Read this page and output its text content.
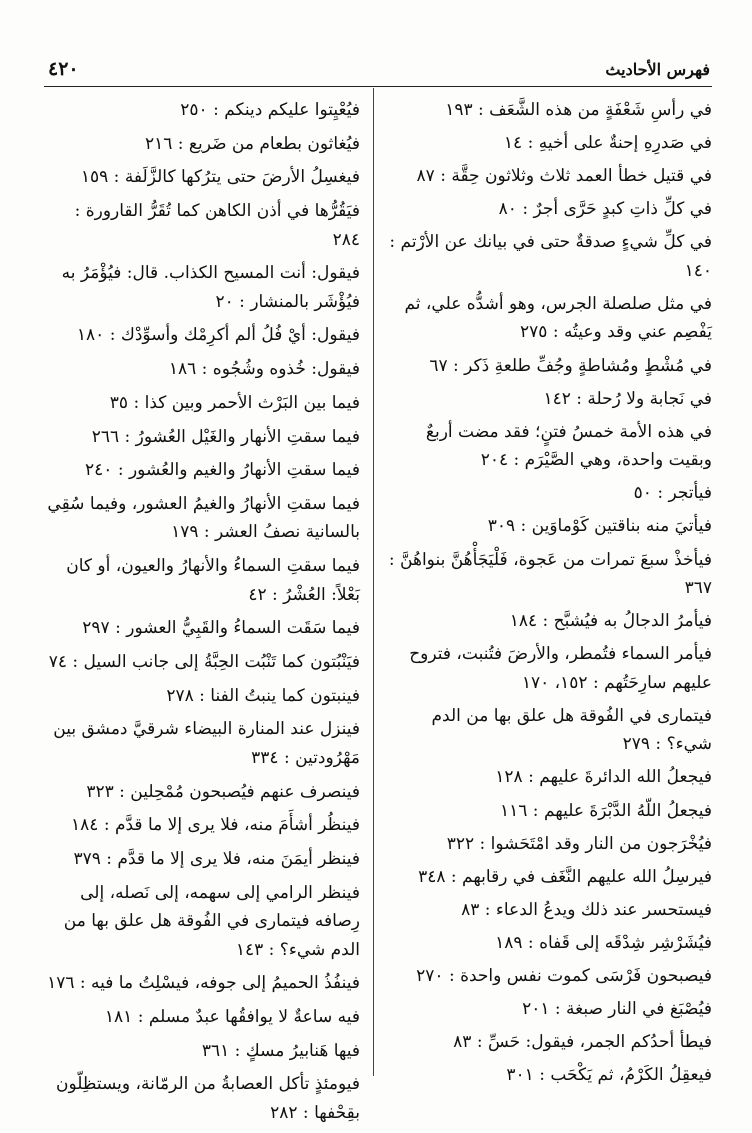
٤٢٠	فهرس الأحاديث
في رأسِ شَعْفَةٍ من هذه الشَّعَف : ١٩٣
في صَدرِهِ إحنةٌ على أخيهِ : ١٤
في قتيل خطأ العمد ثلاث وثلاثون حِقَّة : ٨٧
في كلِّ ذاتِ كبدٍ حَرَّى أجرٌ : ٨٠
في كلِّ شيءٍ صدقةٌ حتى في بيانك عن الأرْتم : ١٤٠
في مثل صلصلة الجرس، وهو أشدُّه علي، ثم يَفْصِم عني وقد وعيتُه : ٢٧٥
في مُشْطٍ ومُشاطةٍ وجُفِّ طلعةِ ذَكر : ٦٧
في نَجابة ولا رُحلة : ١٤٢
في هذه الأمة خمسُ فتنٍ؛ فقد مضت أربعٌ وبقيت واحدة، وهي الصَّيْرَم : ٢٠٤
فيأتجر : ٥٠
فيأتيَ منه بناقتين كَوْماوَين : ٣٠٩
فيأخذْ سبعَ تمرات من عَجوة، فَلْيَجَأْهُنَّ بنواهُنَّ : ٣٦٧
فيأمرُ الدجالُ به فيُشبَّح : ١٨٤
فيأمر السماء فتُمطر، والأرضَ فتُنبت، فتروح عليهم سارِحَتُهم : ١٥٢، ١٧٠
فيتمارى في الفُوقة هل علق بها من الدم شيء؟ : ٢٧٩
فيجعلُ الله الدائرةَ عليهم : ١٢٨
فيجعلُ اللّهُ الدَّبْرَةَ عليهم : ١١٦
فيُخْرَجون من النار وقد امْتَحَشوا : ٣٢٢
فيرسِلُ الله عليهم النَّغَف في رقابهم : ٣٤٨
فيستحسر عند ذلك ويدعُ الدعاء : ٨٣
فيُشَرْشِر شِدْقَه إلى قَفاه : ١٨٩
فيصبحون فَرْسَى كموت نفس واحدة : ٢٧٠
فيُصْبَغ في النار صبغة : ٢٠١
فيطأ أحدُكم الجمر، فيقول: حَسِّ : ٨٣
فيعقِلُ الكَرْمُ، ثم يَكْحَب : ٣٠١
فيُعْيِتوا عليكم دينكم : ٢٥٠
فيُغاثون بطعام من ضَريع : ٢١٦
فيغسِلُ الأرضَ حتى يترُكها كالزَّلَفة : ١٥٩
فيَقُرُّها في أذن الكاهن كما تُقَرُّ القارورة : ٢٨٤
فيقول: أنت المسيح الكذاب. قال: فيُؤْمَرُ به فيُؤْشَر بالمنشار : ٢٠
فيقول: أيْ فُلُ ألم أكرِمْك وأسوِّدْك : ١٨٠
فيقول: خُذوه وشُجُوه : ١٨٦
فيما بين البَرْث الأحمر وبين كذا : ٣٥
فيما سقتِ الأنهار والغَيْل العُشورُ : ٢٦٦
فيما سقتِ الأنهارُ والغيم والعُشور : ٢٤٠
فيما سقتِ الأنهارُ والغيمُ العشور، وفيما سُقِي بالسانية نصفُ العشر : ١٧٩
فيما سقتِ السماءُ والأنهارُ والعيون، أو كان بَعْلاً: العُشْرُ : ٤٢
فيما سَقَت السماءُ والقَبِيُّ العشور : ٢٩٧
فيَنْبُتون كما تَنْبُت الحِبَّةُ إلى جانب السيل : ٧٤
فينبتون كما ينبتُ الفنا : ٢٧٨
فينزل عند المنارة البيضاء شرقيَّ دمشق بين مَهْرُودتين : ٣٣٤
فينصرف عنهم فيُصبحون مُمْحِلين : ٣٢٣
فينظُر أشأَمَ منه، فلا يرى إلا ما قدَّم : ١٨٤
فينظر أيمَنَ منه، فلا يرى إلا ما قدَّم : ٣٧٩
فينظر الرامي إلى سهمه، إلى نَصله، إلى رِصافه فيتمارى في الفُوقة هل علق بها من الدم شيء؟ : ١٤٣
فينفُذُ الحميمُ إلى جوفه، فيسْلِتُ ما فيه : ١٧٦
فيه ساعةٌ لا يوافقُها عبدٌ مسلم : ١٨١
فيها هَنابيرُ مسكٍ : ٣٦١
فيومئذٍ تأكل العصابةُ من الرمّانة، ويستظِلّون بقِحْفها : ٢٨٢
